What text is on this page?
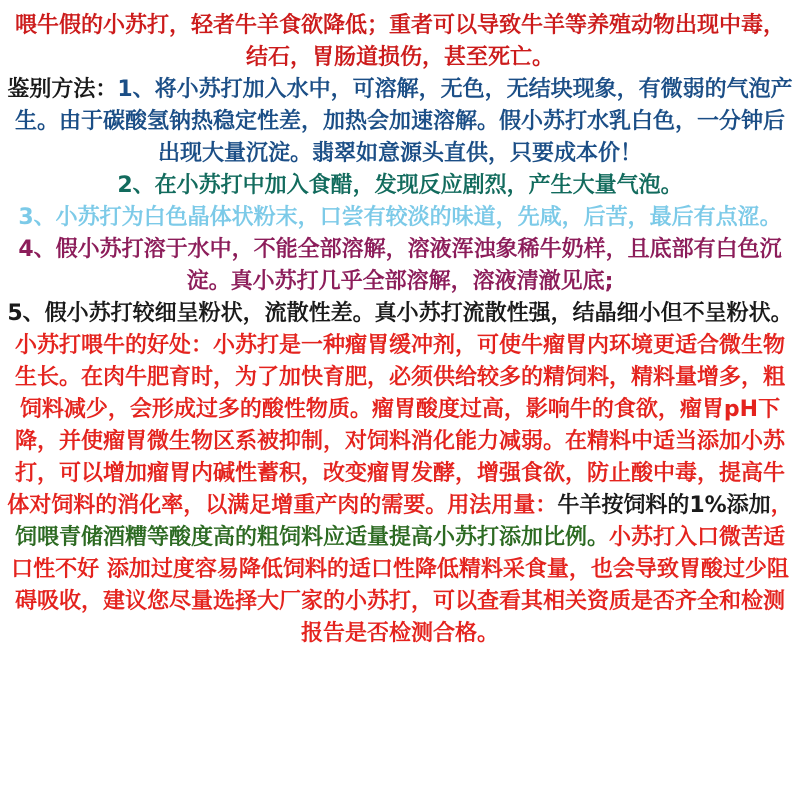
喂牛假的小苏打，轻者牛羊食欲降低；重者可以导致牛羊等养殖动物出现中毒，结石，胃肠道损伤，甚至死亡。

鉴别方法：1、将小苏打加入水中，可溶解，无色，无结块现象，有微弱的气泡产生。由于碳酸氢钠热稳定性差，加热会加速溶解。假小苏打水乳白色，一分钟后出现大量沉淀。翡翠如意源头直供，只要成本价！

2、在小苏打中加入食醋，发现反应剧烈，产生大量气泡。

3、小苏打为白色晶体状粉末，口尝有较淡的味道，先咸，后苦，最后有点涩。

4、假小苏打溶于水中，不能全部溶解，溶液浑浊象稀牛奶样，且底部有白色沉淀。真小苏打几乎全部溶解，溶液清澈见底;

5、假小苏打较细呈粉状，流散性差。真小苏打流散性强，结晶细小但不呈粉状。

小苏打喂牛的好处：小苏打是一种瘤胃缓冲剂，可使牛瘤胃内环境更适合微生物生长。在肉牛肥育时，为了加快育肥，必须供给较多的精饲料，精料量增多，粗饲料减少，会形成过多的酸性物质。瘤胃酸度过高，影响牛的食欲，瘤胃pH下降，并使瘤胃微生物区系被抑制，对饲料消化能力减弱。在精料中适当添加小苏打，可以增加瘤胃内碱性蓄积，改变瘤胃发酵，增强食欲，防止酸中毒，提高牛体对饲料的消化率，以满足增重产肉的需要。用法用量：牛羊按饲料的1%添加，饲喂青储酒糟等酸度高的粗饲料应适量提高小苏打添加比例。小苏打入口微苦适口性不好 添加过度容易降低饲料的适口性降低精料采食量，也会导致胃酸过少阻碍吸收，建议您尽量选择大厂家的小苏打，可以查看其相关资质是否齐全和检测报告是否检测合格。
